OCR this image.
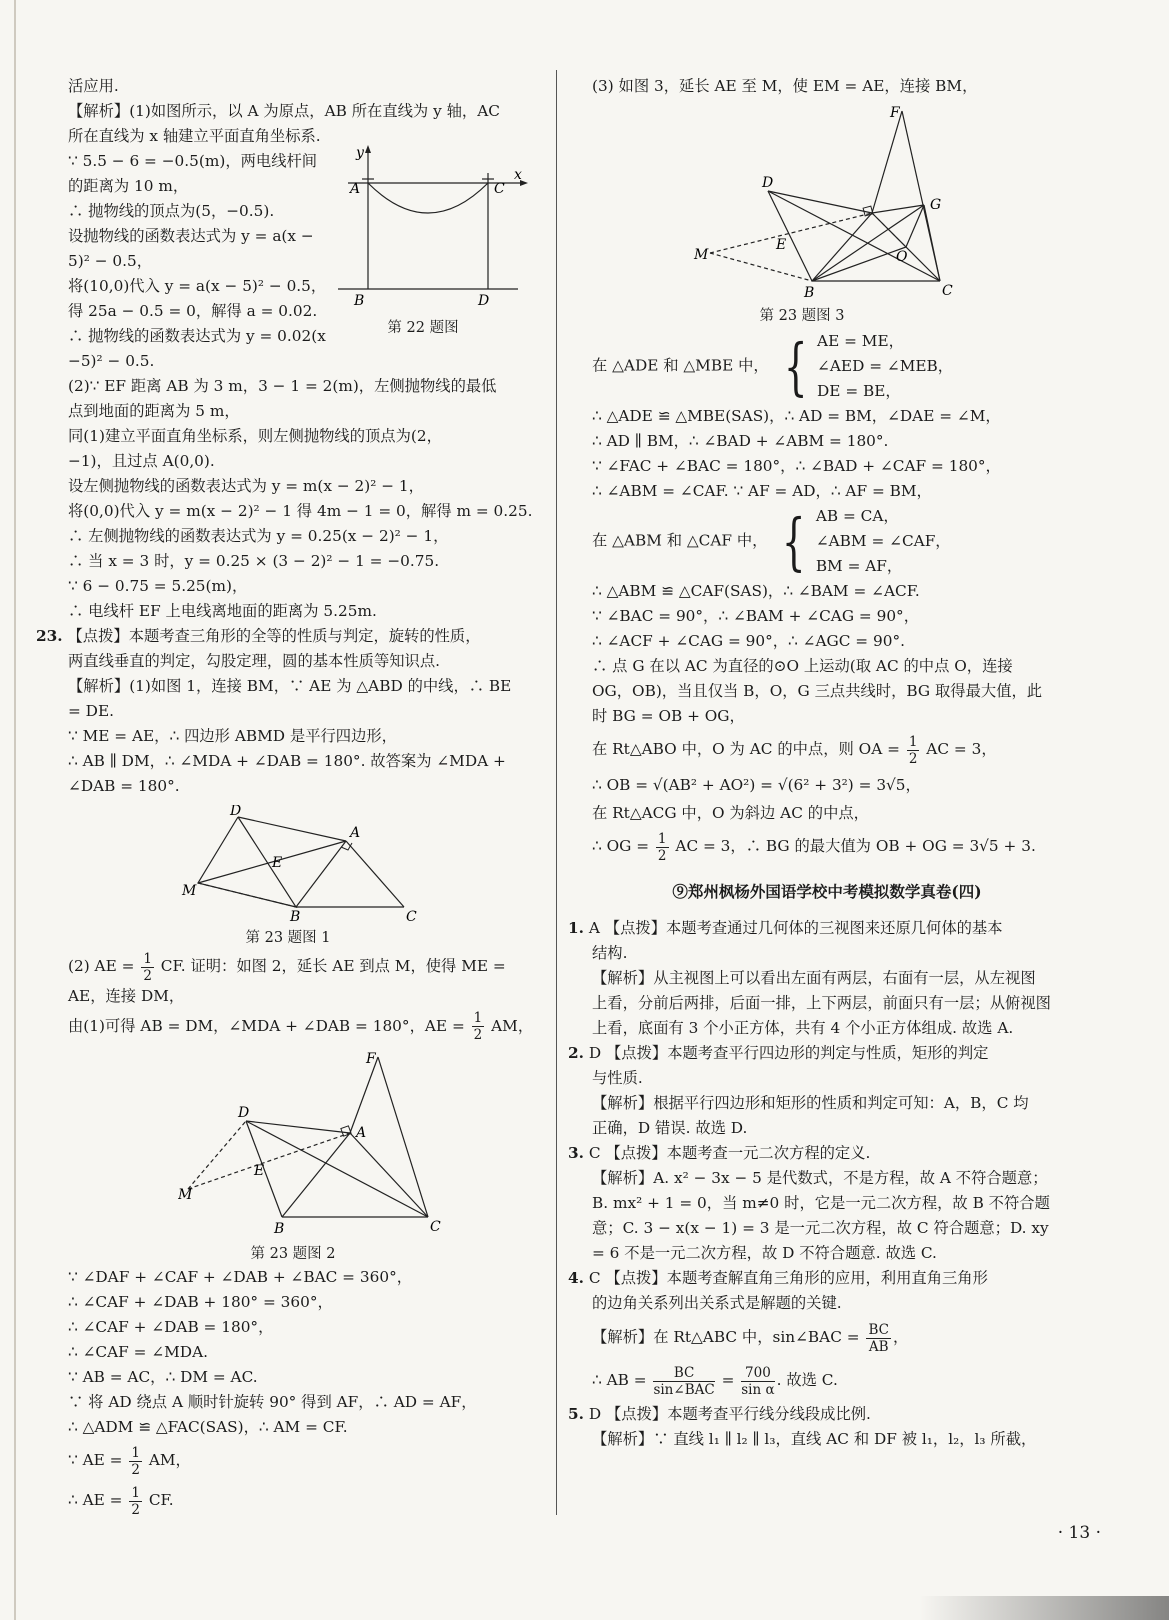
活应用.
【解析】(1)如图所示，以 A 为原点，AB 所在直线为 y 轴，AC
所在直线为 x 轴建立平面直角坐标系.
∵ 5.5 − 6 = −0.5(m)，两电线杆间
的距离为 10 m，
∴ 抛物线的顶点为(5，−0.5).
设抛物线的函数表达式为 y = a(x −
5)² − 0.5，
将(10,0)代入 y = a(x − 5)² − 0.5，
得 25a − 0.5 = 0，解得 a = 0.02.
∴ 抛物线的函数表达式为 y = 0.02(x
y
x
A	C
B	D
第 22 题图
−5)² − 0.5.
(2)∵ EF 距离 AB 为 3 m，3 − 1 = 2(m)，左侧抛物线的最低
点到地面的距离为 5 m，
同(1)建立平面直角坐标系，则左侧抛物线的顶点为(2，
−1)，且过点 A(0,0).
设左侧抛物线的函数表达式为 y = m(x − 2)² − 1，
将(0,0)代入 y = m(x − 2)² − 1 得 4m − 1 = 0，解得 m = 0.25.
∴ 左侧抛物线的函数表达式为 y = 0.25(x − 2)² − 1，
∴ 当 x = 3 时，y = 0.25 × (3 − 2)² − 1 = −0.75.
∵ 6 − 0.75 = 5.25(m)，
∴ 电线杆 EF 上电线离地面的距离为 5.25m.
23. 【点拨】本题考查三角形的全等的性质与判定，旋转的性质，
两直线垂直的判定，勾股定理，圆的基本性质等知识点.
【解析】(1)如图 1，连接 BM，∵ AE 为 △ABD 的中线，∴ BE
= DE.
∵ ME = AE，∴ 四边形 ABMD 是平行四边形，
∴ AB ∥ DM，∴ ∠MDA + ∠DAB = 180°. 故答案为 ∠MDA +
∠DAB = 180°.
D
A
E
M
B	C
第 23 题图 1
(2) AE = $\frac{1}{2}$ CF. 证明：如图 2，延长 AE 到点 M，使得 ME =
AE，连接 DM，
由(1)可得 AB = DM，∠MDA + ∠DAB = 180°，AE = $\frac{1}{2}$ AM，
F
D
A
M
E
B	C
第 23 题图 2
∵ ∠DAF + ∠CAF + ∠DAB + ∠BAC = 360°，
∴ ∠CAF + ∠DAB + 180° = 360°，
∴ ∠CAF + ∠DAB = 180°，
∴ ∠CAF = ∠MDA.
∵ AB = AC，∴ DM = AC.
∵ 将 AD 绕点 A 顺时针旋转 90° 得到 AF，∴ AD = AF，
∴ △ADM ≌ △FAC(SAS)，∴ AM = CF.
∵ AE = $\frac{1}{2}$ AM，
∴ AE = $\frac{1}{2}$ CF.
(3) 如图 3，延长 AE 至 M，使 EM = AE，连接 BM，
F
D
G
M
E
O
B	C
第 23 题图 3
在 △ADE 和 △MBE 中， { AE = ME，
∠AED = ∠MEB，
DE = BE，
∴ △ADE ≌ △MBE(SAS)，∴ AD = BM，∠DAE = ∠M，
∴ AD ∥ BM，∴ ∠BAD + ∠ABM = 180°.
∵ ∠FAC + ∠BAC = 180°，∴ ∠BAD + ∠CAF = 180°，
∴ ∠ABM = ∠CAF. ∵ AF = AD，∴ AF = BM，
在 △ABM 和 △CAF 中， { AB = CA，
∠ABM = ∠CAF，
BM = AF，
∴ △ABM ≌ △CAF(SAS)，∴ ∠BAM = ∠ACF.
∵ ∠BAC = 90°，∴ ∠BAM + ∠CAG = 90°，
∴ ∠ACF + ∠CAG = 90°，∴ ∠AGC = 90°.
∴ 点 G 在以 AC 为直径的⊙O 上运动(取 AC 的中点 O，连接
OG，OB)，当且仅当 B，O，G 三点共线时，BG 取得最大值，此
时 BG = OB + OG，
在 Rt△ABO 中，O 为 AC 的中点，则 OA = $\frac{1}{2}$ AC = 3，
∴ OB = √(AB² + AO²) = √(6² + 3²) = 3√5，
在 Rt△ACG 中，O 为斜边 AC 的中点，
∴ OG = $\frac{1}{2}$ AC = 3，∴ BG 的最大值为 OB + OG = 3√5 + 3.
⑨郑州枫杨外国语学校中考模拟数学真卷(四)
1. A 【点拨】本题考查通过几何体的三视图来还原几何体的基本
结构.
【解析】从主视图上可以看出左面有两层，右面有一层，从左视图
上看，分前后两排，后面一排，上下两层，前面只有一层；从俯视图
上看，底面有 3 个小正方体，共有 4 个小正方体组成. 故选 A.
2. D 【点拨】本题考查平行四边形的判定与性质，矩形的判定
与性质.
【解析】根据平行四边形和矩形的性质和判定可知：A，B，C 均
正确，D 错误. 故选 D.
3. C 【点拨】本题考查一元二次方程的定义.
【解析】A. x² − 3x − 5 是代数式，不是方程，故 A 不符合题意；
B. mx² + 1 = 0，当 m≠0 时，它是一元二次方程，故 B 不符合题
意；C. 3 − x(x − 1) = 3 是一元二次方程，故 C 符合题意；D. xy
= 6 不是一元二次方程，故 D 不符合题意. 故选 C.
4. C 【点拨】本题考查解直角三角形的应用，利用直角三角形
的边角关系列出关系式是解题的关键.
【解析】在 Rt△ABC 中，sin∠BAC = $\frac{BC}{AB}$ ，
∴ AB = $\frac{BC}{\text{sin∠BAC}} = \frac{700}{\text{sin α}}$ . 故选 C.
5. D 【点拨】本题考查平行线分线段成比例.
【解析】∵ 直线 l₁ ∥ l₂ ∥ l₃，直线 AC 和 DF 被 l₁，l₂，l₃ 所截，
· 13 ·
